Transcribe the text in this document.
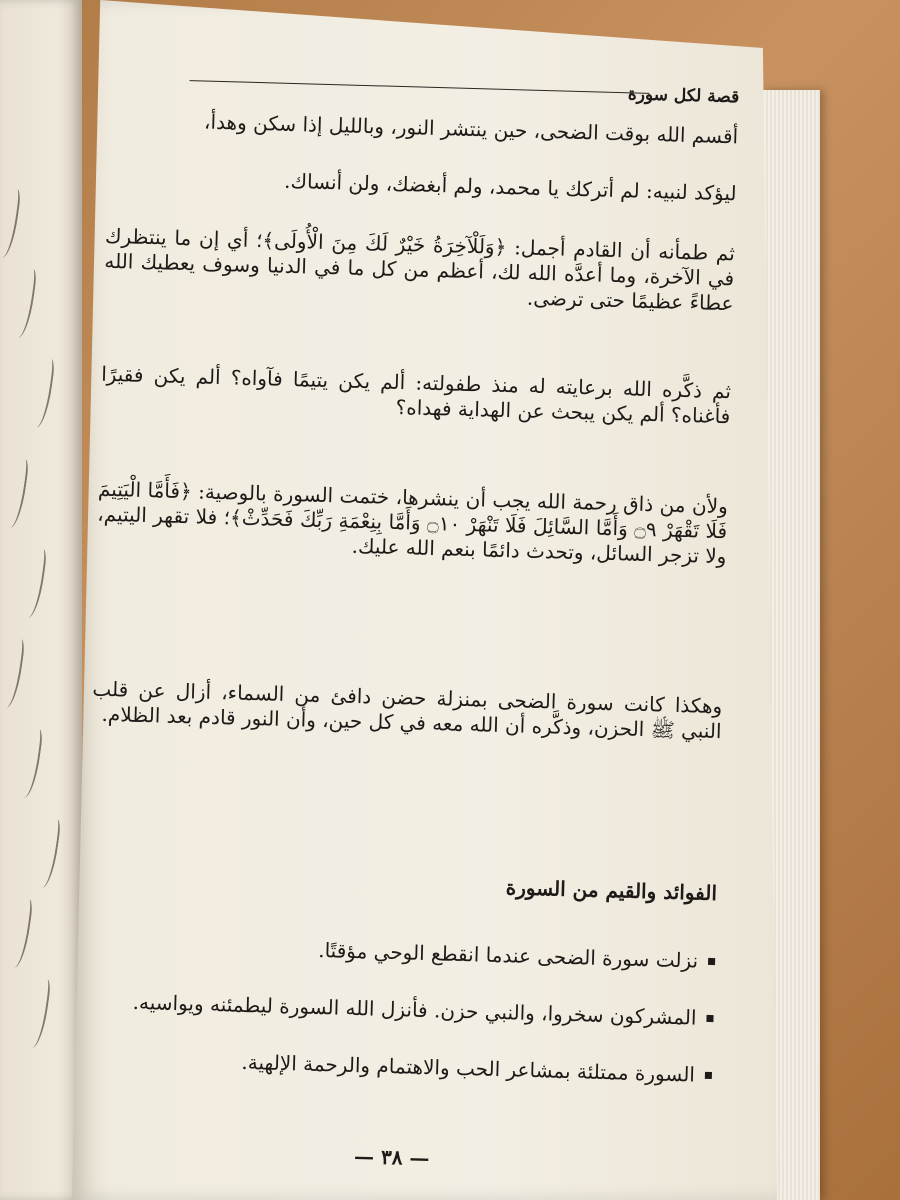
قصة لكل سورة
أقسم الله بوقت الضحى، حين ينتشر النور، وبالليل إذا سكن وهدأ،
ليؤكد لنبيه: لم أتركك يا محمد، ولم أبغضك، ولن أنساك.
ثم طمأنه أن القادم أجمل: ﴿وَلَلْآخِرَةُ خَيْرٌ لَكَ مِنَ الْأُولَى﴾؛ أي إن ما ينتظرك في الآخرة، وما أعدَّه الله لك، أعظم من كل ما في الدنيا وسوف يعطيك الله عطاءً عظيمًا حتى ترضى.
ثم ذكَّره الله برعايته له منذ طفولته: ألم يكن يتيمًا فآواه؟ ألم يكن فقيرًا فأغناه؟ ألم يكن يبحث عن الهداية فهداه؟
ولأن من ذاق رحمة الله يجب أن ينشرها، ختمت السورة بالوصية: ﴿فَأَمَّا الْيَتِيمَ فَلَا تَقْهَرْ ۝٩ وَأَمَّا السَّائِلَ فَلَا تَنْهَرْ ۝١٠ وَأَمَّا بِنِعْمَةِ رَبِّكَ فَحَدِّثْ﴾؛ فلا تقهر اليتيم، ولا تزجر السائل، وتحدث دائمًا بنعم الله عليك.
وهكذا كانت سورة الضحى بمنزلة حضن دافئ من السماء، أزال عن قلب النبي ﷺ الحزن، وذكَّره أن الله معه في كل حين، وأن النور قادم بعد الظلام.
الفوائد والقيم من السورة
نزلت سورة الضحى عندما انقطع الوحي مؤقتًا.
المشركون سخروا، والنبي حزن. فأنزل الله السورة ليطمئنه ويواسيه.
السورة ممتلئة بمشاعر الحب والاهتمام والرحمة الإلهية.
— ٣٨ —
